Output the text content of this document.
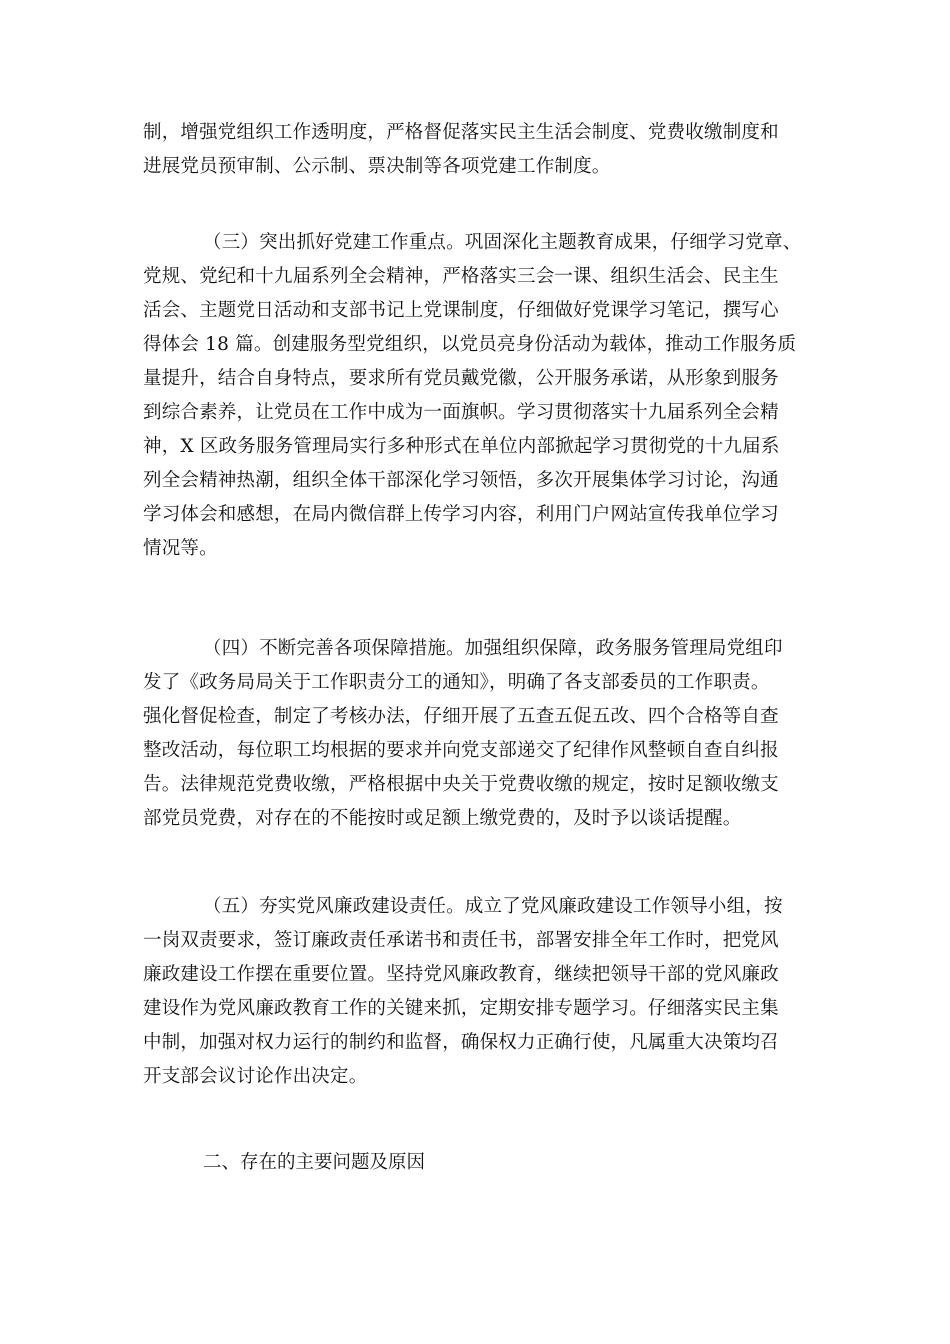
制，增强党组织工作透明度，严格督促落实民主生活会制度、党费收缴制度和
进展党员预审制、公示制、票决制等各项党建工作制度。
（三）突出抓好党建工作重点。巩固深化主题教育成果，仔细学习党章、
党规、党纪和十九届系列全会精神，严格落实三会一课、组织生活会、民主生
活会、主题党日活动和支部书记上党课制度，仔细做好党课学习笔记，撰写心
得体会 18 篇。创建服务型党组织，以党员亮身份活动为载体，推动工作服务质
量提升，结合自身特点，要求所有党员戴党徽，公开服务承诺，从形象到服务
到综合素养，让党员在工作中成为一面旗帜。学习贯彻落实十九届系列全会精
神，X 区政务服务管理局实行多种形式在单位内部掀起学习贯彻党的十九届系
列全会精神热潮，组织全体干部深化学习领悟，多次开展集体学习讨论，沟通
学习体会和感想，在局内微信群上传学习内容，利用门户网站宣传我单位学习
情况等。
（四）不断完善各项保障措施。加强组织保障，政务服务管理局党组印
发了《政务局局关于工作职责分工的通知》，明确了各支部委员的工作职责。
强化督促检查，制定了考核办法，仔细开展了五查五促五改、四个合格等自查
整改活动，每位职工均根据的要求并向党支部递交了纪律作风整顿自查自纠报
告。法律规范党费收缴，严格根据中央关于党费收缴的规定，按时足额收缴支
部党员党费，对存在的不能按时或足额上缴党费的，及时予以谈话提醒。
（五）夯实党风廉政建设责任。成立了党风廉政建设工作领导小组，按
一岗双责要求，签订廉政责任承诺书和责任书，部署安排全年工作时，把党风
廉政建设工作摆在重要位置。坚持党风廉政教育，继续把领导干部的党风廉政
建设作为党风廉政教育工作的关键来抓，定期安排专题学习。仔细落实民主集
中制，加强对权力运行的制约和监督，确保权力正确行使，凡属重大决策均召
开支部会议讨论作出决定。
二、存在的主要问题及原因
